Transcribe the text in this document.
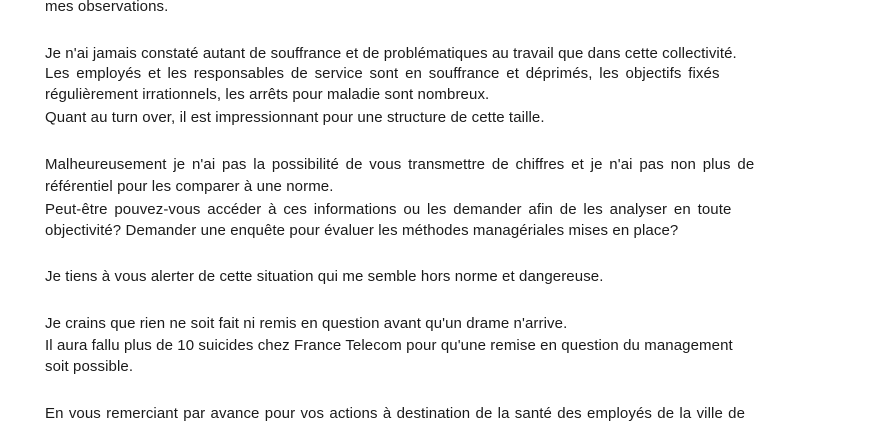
mes observations.
Je n'ai jamais constaté autant de souffrance et de problématiques au travail que dans cette collectivité.
Les employés et les responsables de service sont en souffrance et déprimés, les objectifs fixés
régulièrement irrationnels, les arrêts pour maladie sont nombreux.
Quant au turn over, il est impressionnant pour une structure de cette taille.
Malheureusement je n'ai pas la possibilité de vous transmettre de chiffres et je n'ai pas non plus de
référentiel pour les comparer à une norme.
Peut-être pouvez-vous accéder à ces informations ou les demander afin de les analyser en toute
objectivité? Demander une enquête pour évaluer les méthodes managériales mises en place?
Je tiens à vous alerter de cette situation qui me semble hors norme et dangereuse.
Je crains que rien ne soit fait ni remis en question avant qu'un drame n'arrive.
Il aura fallu plus de 10 suicides chez France Telecom pour qu'une remise en question du management
soit possible.
En vous remerciant par avance pour vos actions à destination de la santé des employés de la ville de
